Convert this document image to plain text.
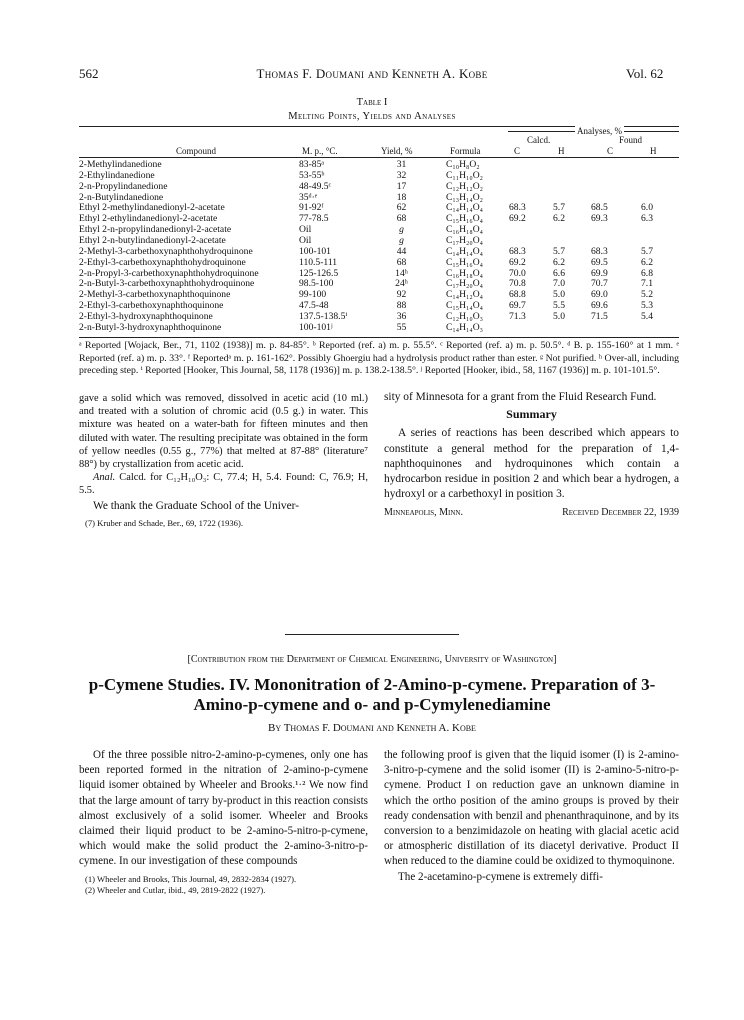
562	Thomas F. Doumani and Kenneth A. Kobe	Vol. 62
Table I
Melting Points, Yields and Analyses
Analyses, %
Calcd.	Found
Compound	M. p., °C.	Yield, %	Formula	C	H	C	H
2-Methylindanedione	83-85ᵃ	31	C₁₀H₈O₂
2-Ethylindanedione	53-55ᵇ	32	C₁₁H₁₀O₂
2-n-Propylindanedione	48-49.5ᶜ	17	C₁₂H₁₂O₂
2-n-Butylindanedione	35ᵈ·ᵉ	18	C₁₃H₁₄O₂
Ethyl 2-methylindanedionyl-2-acetate	91-92ᶠ	62	C₁₄H₁₄O₄	68.3	5.7	68.5	6.0
Ethyl 2-ethylindanedionyl-2-acetate	77-78.5	68	C₁₅H₁₆O₄	69.2	6.2	69.3	6.3
Ethyl 2-n-propylindanedionyl-2-acetate	Oil	g	C₁₆H₁₈O₄
Ethyl 2-n-butylindanedionyl-2-acetate	Oil	g	C₁₇H₂₀O₄
2-Methyl-3-carbethoxynaphthohydroquinone	100-101	44	C₁₄H₁₄O₄	68.3	5.7	68.3	5.7
2-Ethyl-3-carbethoxynaphthohydroquinone	110.5-111	68	C₁₅H₁₆O₄	69.2	6.2	69.5	6.2
2-n-Propyl-3-carbethoxynaphthohydroquinone	125-126.5	14ʰ	C₁₆H₁₈O₄	70.0	6.6	69.9	6.8
2-n-Butyl-3-carbethoxynaphthohydroquinone	98.5-100	24ʰ	C₁₇H₂₀O₄	70.8	7.0	70.7	7.1
2-Methyl-3-carbethoxynaphthoquinone	99-100	92	C₁₄H₁₂O₄	68.8	5.0	69.0	5.2
2-Ethyl-3-carbethoxynaphthoquinone	47.5-48	88	C₁₅H₁₄O₄	69.7	5.5	69.6	5.3
2-Ethyl-3-hydroxynaphthoquinone	137.5-138.5ⁱ	36	C₁₂H₁₀O₃	71.3	5.0	71.5	5.4
2-n-Butyl-3-hydroxynaphthoquinone	100-101ʲ	55	C₁₄H₁₄O₃
ᵃ Reported [Wojack, Ber., 71, 1102 (1938)] m. p. 84-85°. ᵇ Reported (ref. a) m. p. 55.5°. ᶜ Reported (ref. a) m. p. 50.5°. ᵈ B. p. 155-160° at 1 mm. ᵉ Reported (ref. a) m. p. 33°. ᶠ Reportedᵃ m. p. 161-162°. Possibly Ghoergiu had a hydrolysis product rather than ester. ᵍ Not purified. ʰ Over-all, including preceding step. ⁱ Reported [Hooker, This Journal, 58, 1178 (1936)] m. p. 138.2-138.5°. ʲ Reported [Hooker, ibid., 58, 1167 (1936)] m. p. 101-101.5°.

gave a solid which was removed, dissolved in acetic acid (10 ml.) and treated with a solution of chromic acid (0.5 g.) in water. This mixture was heated on a water-bath for fifteen minutes and then diluted with water. The resulting precipitate was obtained in the form of yellow needles (0.55 g., 77%) that melted at 87-88° (literature⁷ 88°) by crystallization from acetic acid.

Anal. Calcd. for C₁₂H₁₀O₃: C, 77.4; H, 5.4. Found: C, 76.9; H, 5.5.

We thank the Graduate School of the Univer-

(7) Kruber and Schade, Ber., 69, 1722 (1936).

sity of Minnesota for a grant from the Fluid Research Fund.

Summary

A series of reactions has been described which appears to constitute a general method for the preparation of 1,4-naphthoquinones and hydroquinones which contain a hydrocarbon residue in position 2 and which bear a hydrogen, a hydroxyl or a carbethoxyl in position 3.

Minneapolis, Minn.	Received December 22, 1939
[Contribution from the Department of Chemical Engineering, University of Washington]
p-Cymene Studies. IV. Mononitration of 2-Amino-p-cymene. Preparation of 3-Amino-p-cymene and o- and p-Cymylenediamine
By Thomas F. Doumani and Kenneth A. Kobe

Of the three possible nitro-2-amino-p-cymenes, only one has been reported formed in the nitration of 2-amino-p-cymene liquid isomer obtained by Wheeler and Brooks.¹·² We now find that the large amount of tarry by-product in this reaction consists almost exclusively of a solid isomer. Wheeler and Brooks claimed their liquid product to be 2-amino-5-nitro-p-cymene, which would make the solid product the 2-amino-3-nitro-p-cymene. In our investigation of these compounds

(1) Wheeler and Brooks, This Journal, 49, 2832-2834 (1927).

(2) Wheeler and Cutlar, ibid., 49, 2819-2822 (1927).

the following proof is given that the liquid isomer (I) is 2-amino-3-nitro-p-cymene and the solid isomer (II) is 2-amino-5-nitro-p-cymene. Product I on reduction gave an unknown diamine in which the ortho position of the amino groups is proved by their ready condensation with benzil and phenanthraquinone, and by its conversion to a benzimidazole on heating with glacial acetic acid or atmospheric distillation of its diacetyl derivative. Product II when reduced to the diamine could be oxidized to thymoquinone.

The 2-acetamino-p-cymene is extremely diffi-
